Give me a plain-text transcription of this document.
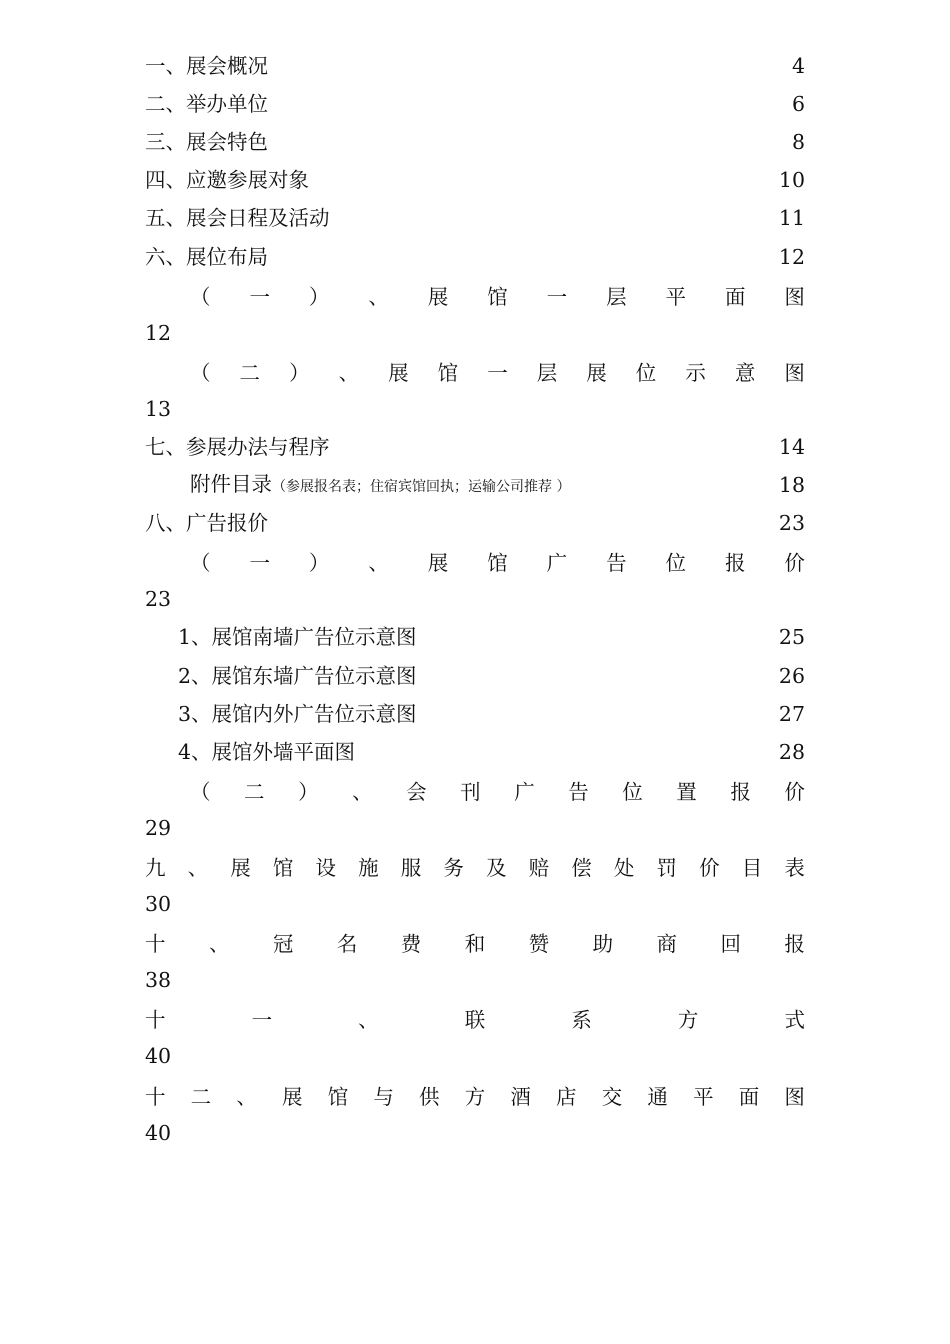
一、展会概况	4
二、举办单位	6
三、展会特色	8
四、应邀参展对象	10
五、展会日程及活动	11
六、展位布局	12
（ 一 ） 、 展 馆 一 层 平 面 图
12
（ 二 ） 、 展 馆 一 层 展 位 示 意 图
13
七、参展办法与程序	14
附件目录（参展报名表；住宿宾馆回执；运输公司推荐 ）	18
八、广告报价	23
（ 一 ） 、 展 馆 广 告 位 报 价
23
1、展馆南墙广告位示意图	25
2、展馆东墙广告位示意图	26
3、展馆内外广告位示意图	27
4、展馆外墙平面图	28
（ 二 ） 、 会 刊 广 告 位 置 报 价
29
九 、 展 馆 设 施 服 务 及 赔 偿 处 罚 价 目 表
30
十 、 冠 名 费 和 赞 助 商 回 报
38
十	一	、	联	系	方	式
40
十 二 、 展 馆 与 供 方 酒 店 交 通 平 面 图
40
